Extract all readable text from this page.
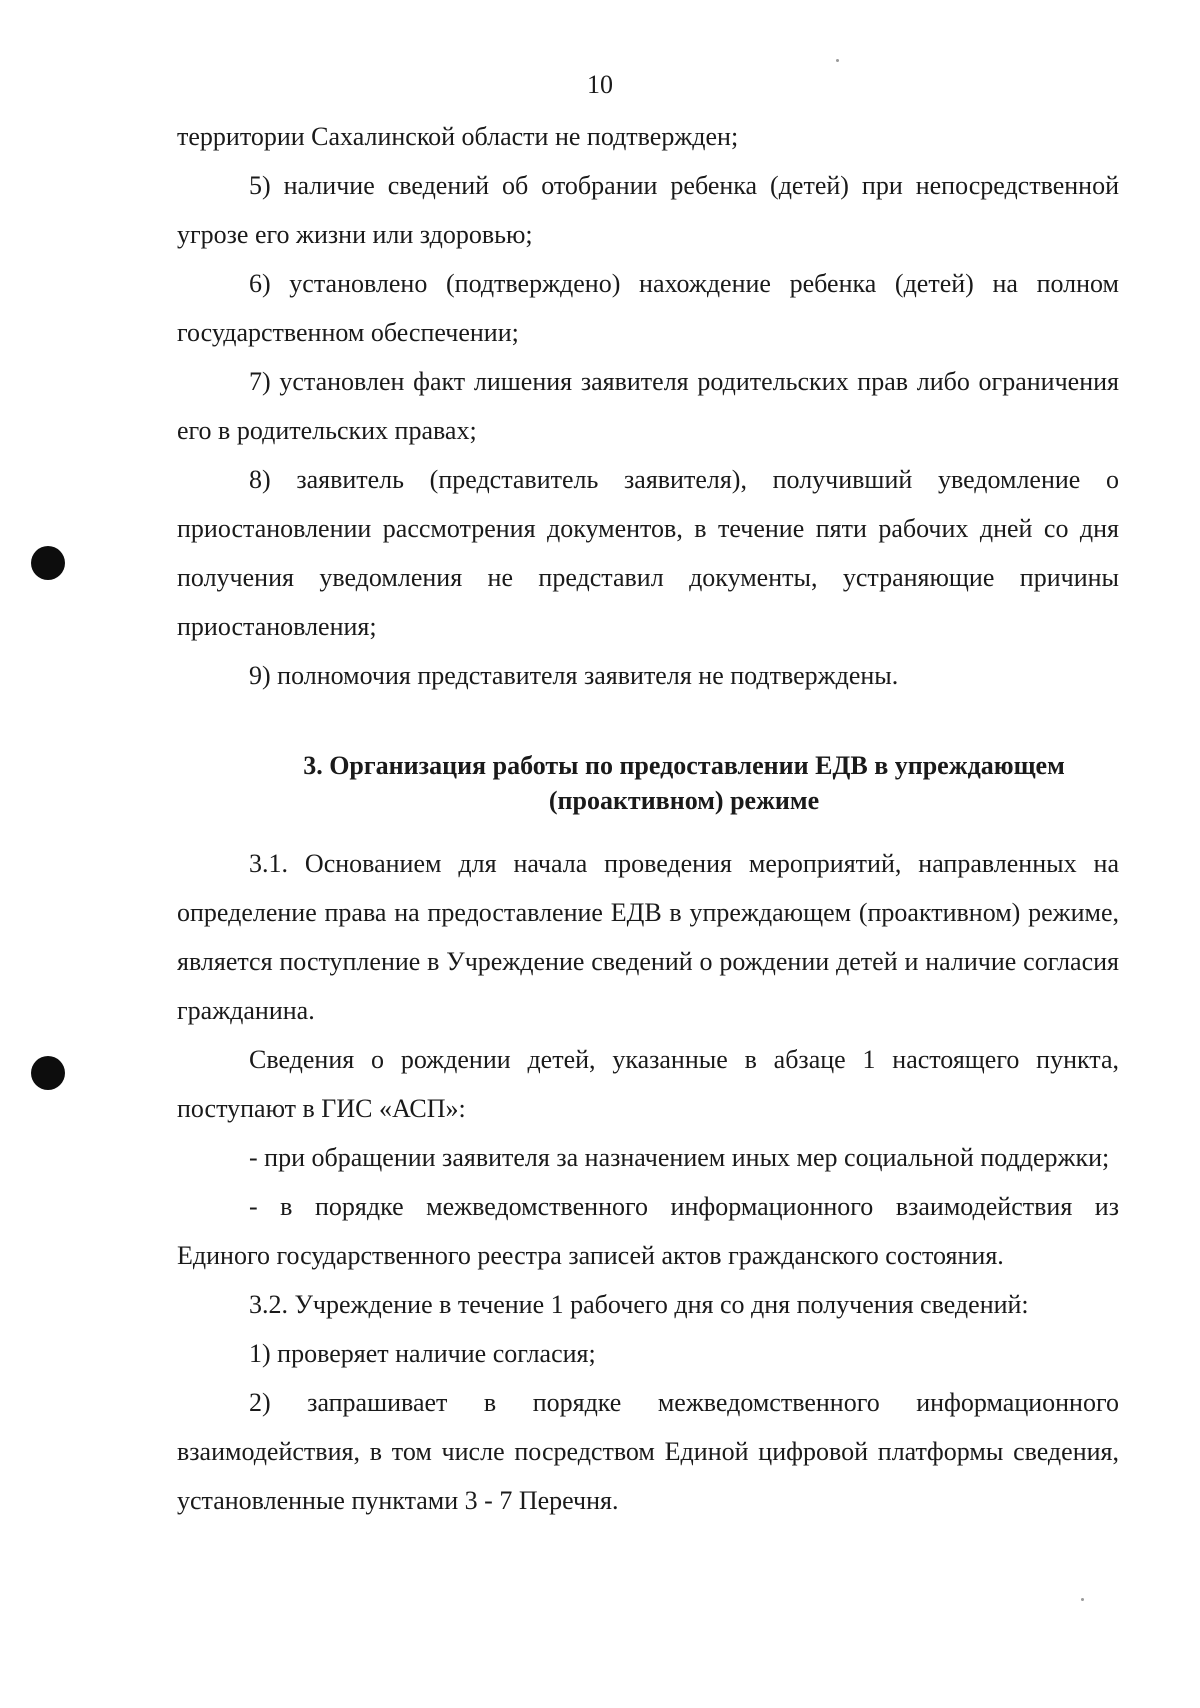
10

территории Сахалинской области не подтвержден;

5) наличие сведений об отобрании ребенка (детей) при непосредственной угрозе его жизни или здоровью;

6) установлено (подтверждено) нахождение ребенка (детей) на полном государственном обеспечении;

7) установлен факт лишения заявителя родительских прав либо ограничения его в родительских правах;

8) заявитель (представитель заявителя), получивший уведомление о приостановлении рассмотрения документов, в течение пяти рабочих дней со дня получения уведомления не представил документы, устраняющие причины приостановления;

9) полномочия представителя заявителя не подтверждены.

3. Организация работы по предоставлении ЕДВ в упреждающем
(проактивном) режиме

3.1. Основанием для начала проведения мероприятий, направленных на определение права на предоставление ЕДВ в упреждающем (проактивном) режиме, является поступление в Учреждение сведений о рождении детей и наличие согласия гражданина.

Сведения о рождении детей, указанные в абзаце 1 настоящего пункта, поступают в ГИС «АСП»:

- при обращении заявителя за назначением иных мер социальной поддержки;

- в порядке межведомственного информационного взаимодействия из Единого государственного реестра записей актов гражданского состояния.

3.2. Учреждение в течение 1 рабочего дня со дня получения сведений:

1) проверяет наличие согласия;

2) запрашивает в порядке межведомственного информационного взаимодействия, в том числе посредством Единой цифровой платформы сведения, установленные пунктами 3 - 7 Перечня.
